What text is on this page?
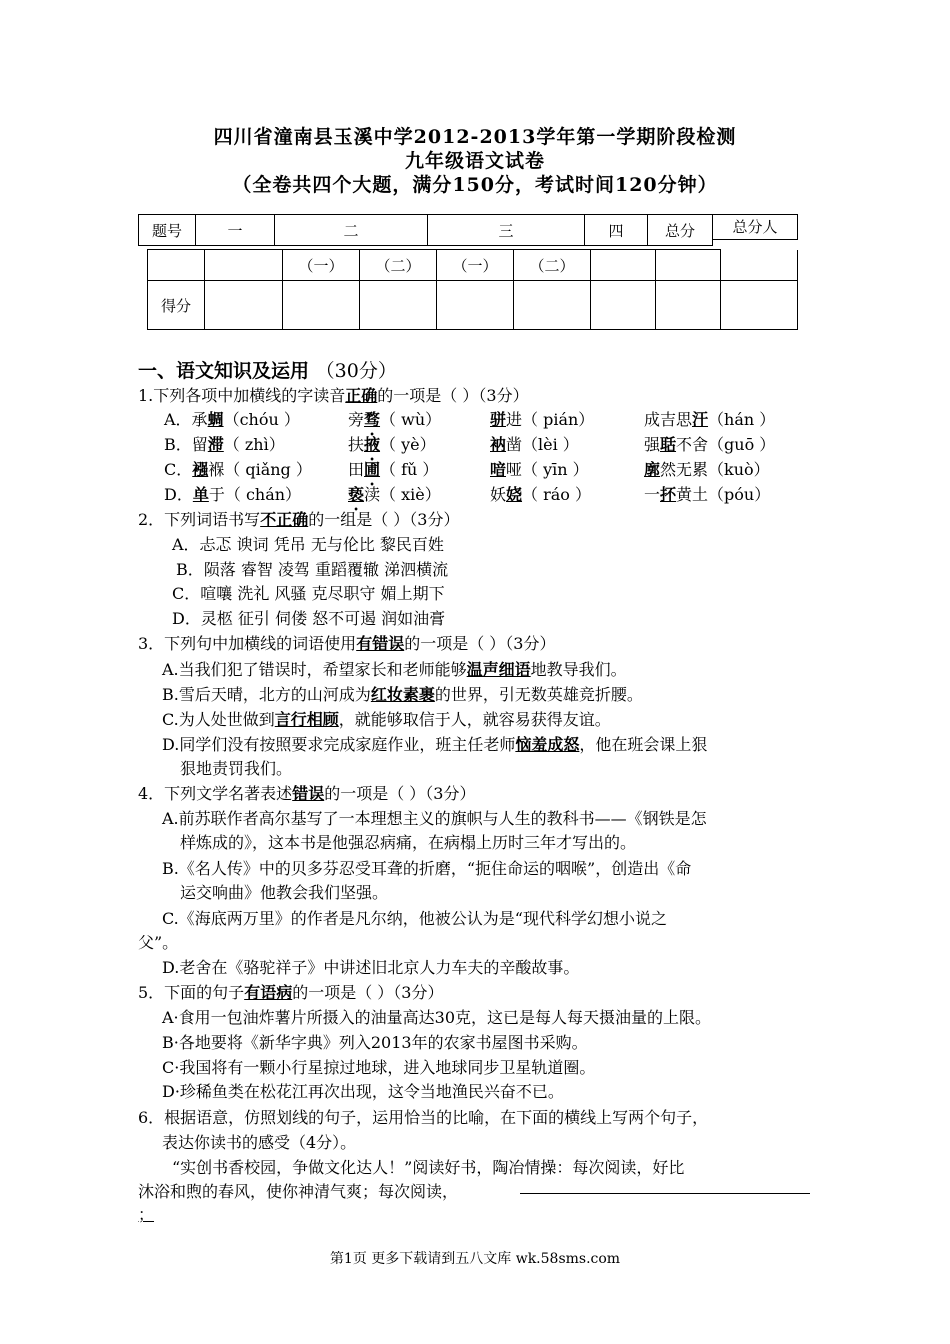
四川省潼南县玉溪中学2012-2013学年第一学期阶段检测
九年级语文试卷
（全卷共四个大题，满分150分，考试时间120分钟）
题号	一	二	三	四	总分	总分人
		（一）	（二）	（一）	（二）			
得分								
一、语文知识及运用 （30分）
1.下列各项中加横线的字读音正确的一项是（ ）（3分）
A．承蜩（chóu ）	旁骛（ wù）	骈进（ pián）	成吉思汗（hán ）
B．留滞（ zhì）	扶掖（ yè）	衲凿（lèi ）	强聒不舍（guō ）
C．襁褓（ qiǎng ） 田圃（ fǔ ）	喑哑（ yīn ）	廓然无累（kuò）
D．单于（ chán）	亵渎（ xiè）	妖娆（ ráo ）	一抔黄土（póu）
2．下列词语书写不正确的一组是（ ）（3分）
A．忐忑 谀词 凭吊 无与伦比 黎民百姓
B．陨落 睿智 凌驾 重蹈覆辙 涕泗横流
C．喧嚷 洗礼 风骚 克尽职守 媚上期下
D．灵柩 征引 伺偻 怒不可遏 润如油膏
3．下列句中加横线的词语使用有错误的一项是（ ）（3分）
A.当我们犯了错误时，希望家长和老师能够温声细语地教导我们。
B.雪后天晴，北方的山河成为红妆素裹的世界，引无数英雄竞折腰。
C.为人处世做到言行相顾，就能够取信于人，就容易获得友谊。
D.同学们没有按照要求完成家庭作业，班主任老师恼羞成怒，他在班会课上狠
狠地责罚我们。
4．下列文学名著表述错误的一项是（ ）（3分）
A.前苏联作者高尔基写了一本理想主义的旗帜与人生的教科书——《钢铁是怎
样炼成的》，这本书是他强忍病痛，在病榻上历时三年才写出的。
B.《名人传》中的贝多芬忍受耳聋的折磨，“扼住命运的咽喉”，创造出《命
运交响曲》他教会我们坚强。
C.《海底两万里》的作者是凡尔纳，他被公认为是“现代科学幻想小说之
父”。
D.老舍在《骆驼祥子》中讲述旧北京人力车夫的辛酸故事。
5．下面的句子有语病的一项是（ ）（3分）
A·食用一包油炸薯片所摄入的油量高达30克，这已是每人每天摄油量的上限。
B·各地要将《新华字典》列入2013年的农家书屋图书采购。
C·我国将有一颗小行星掠过地球，进入地球同步卫星轨道圈。
D·珍稀鱼类在松花江再次出现，这令当地渔民兴奋不已。
6．根据语意，仿照划线的句子，运用恰当的比喻，在下面的横线上写两个句子，
表达你读书的感受（4分）。
“实创书香校园，争做文化达人！”阅读好书，陶冶情操：每次阅读，好比
沐浴和煦的春风，使你神清气爽；每次阅读，
；
第1页 更多下载请到五八文库 wk.58sms.com
